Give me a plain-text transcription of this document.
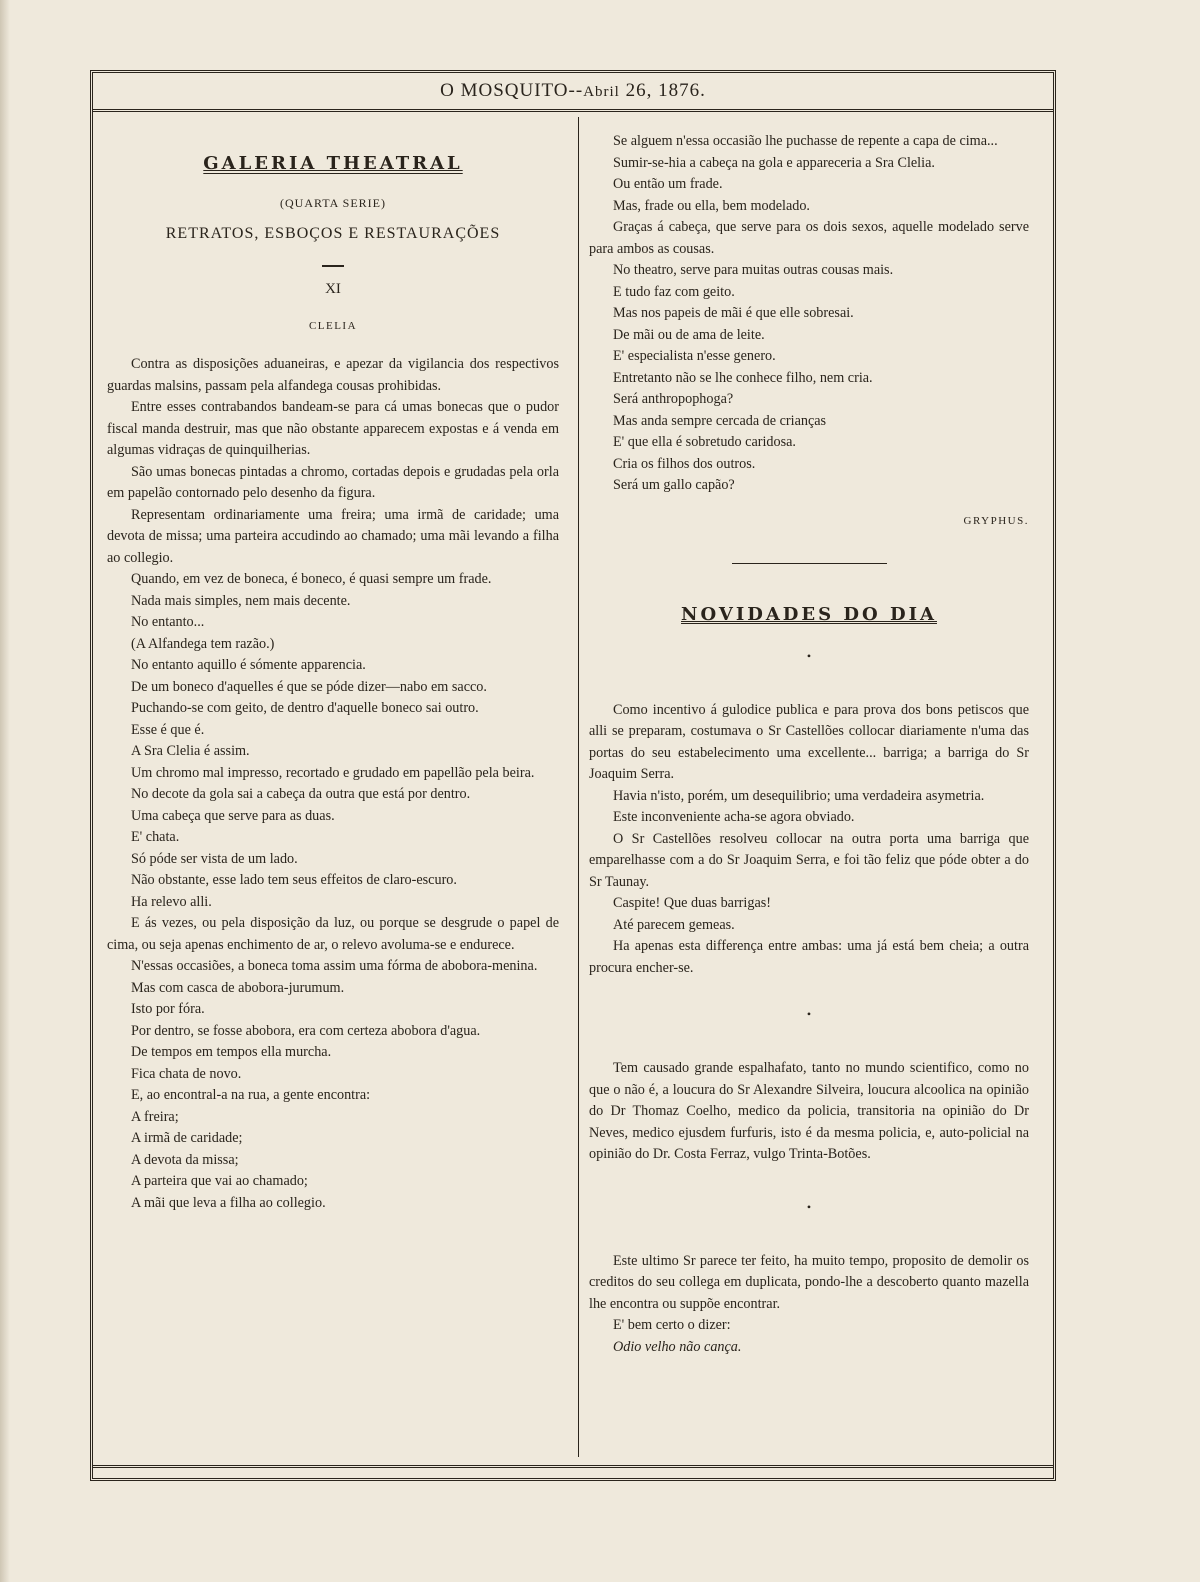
O MOSQUITO--Abril 26, 1876.

GALERIA THEATRAL

(QUARTA SERIE)

RETRATOS, ESBOÇOS E RESTAURAÇÕES

XI

CLELIA

Contra as disposições aduaneiras, e apezar da vigilancia dos respectivos guardas malsins, passam pela alfandega cousas prohibidas.

Entre esses contrabandos bandeam-se para cá umas bonecas que o pudor fiscal manda destruir, mas que não obstante apparecem expostas e á venda em algumas vidraças de quinquilherias.

São umas bonecas pintadas a chromo, cortadas depois e grudadas pela orla em papelão contornado pelo desenho da figura.

Representam ordinariamente uma freira; uma irmã de caridade; uma devota de missa; uma parteira accudindo ao chamado; uma mãi levando a filha ao collegio.

Quando, em vez de boneca, é boneco, é quasi sempre um frade.

Nada mais simples, nem mais decente.

No entanto...

(A Alfandega tem razão.)

No entanto aquillo é sómente apparencia.

De um boneco d'aquelles é que se póde dizer—nabo em sacco.

Puchando-se com geito, de dentro d'aquelle boneco sai outro.

Esse é que é.

A Sra Clelia é assim.

Um chromo mal impresso, recortado e grudado em papellão pela beira.

No decote da gola sai a cabeça da outra que está por dentro.

Uma cabeça que serve para as duas.

E' chata.

Só póde ser vista de um lado.

Não obstante, esse lado tem seus effeitos de claro-escuro.

Ha relevo alli.

E ás vezes, ou pela disposição da luz, ou porque se desgrude o papel de cima, ou seja apenas enchimento de ar, o relevo avoluma-se e endurece.

N'essas occasiões, a boneca toma assim uma fórma de abobora-menina.

Mas com casca de abobora-jurumum.

Isto por fóra.

Por dentro, se fosse abobora, era com certeza abobora d'agua.

De tempos em tempos ella murcha.

Fica chata de novo.

E, ao encontral-a na rua, a gente encontra:

A freira;

A irmã de caridade;

A devota da missa;

A parteira que vai ao chamado;

A mãi que leva a filha ao collegio.

Se alguem n'essa occasião lhe puchasse de repente a capa de cima...

Sumir-se-hia a cabeça na gola e appareceria a Sra Clelia.

Ou então um frade.

Mas, frade ou ella, bem modelado.

Graças á cabeça, que serve para os dois sexos, aquelle modelado serve para ambos as cousas.

No theatro, serve para muitas outras cousas mais.

E tudo faz com geito.

Mas nos papeis de mãi é que elle sobresai.

De mãi ou de ama de leite.

E' especialista n'esse genero.

Entretanto não se lhe conhece filho, nem cria.

Será anthropophoga?

Mas anda sempre cercada de crianças

E' que ella é sobretudo caridosa.

Cria os filhos dos outros.

Será um gallo capão?

GRYPHUS.

NOVIDADES DO DIA

•

Como incentivo á gulodice publica e para prova dos bons petiscos que alli se preparam, costumava o Sr Castellões collocar diariamente n'uma das portas do seu estabelecimento uma excellente... barriga; a barriga do Sr Joaquim Serra.

Havia n'isto, porém, um desequilibrio; uma verdadeira asymetria.

Este inconveniente acha-se agora obviado.

O Sr Castellões resolveu collocar na outra porta uma barriga que emparelhasse com a do Sr Joaquim Serra, e foi tão feliz que póde obter a do Sr Taunay.

Caspite! Que duas barrigas!

Até parecem gemeas.

Ha apenas esta differença entre ambas: uma já está bem cheia; a outra procura encher-se.

•

Tem causado grande espalhafato, tanto no mundo scientifico, como no que o não é, a loucura do Sr Alexandre Silveira, loucura alcoolica na opinião do Dr Thomaz Coelho, medico da policia, transitoria na opinião do Dr Neves, medico ejusdem furfuris, isto é da mesma policia, e, auto-policial na opinião do Dr. Costa Ferraz, vulgo Trinta-Botões.

•

Este ultimo Sr parece ter feito, ha muito tempo, proposito de demolir os creditos do seu collega em duplicata, pondo-lhe a descoberto quanto mazella lhe encontra ou suppõe encontrar.

E' bem certo o dizer:

Odio velho não cança.
